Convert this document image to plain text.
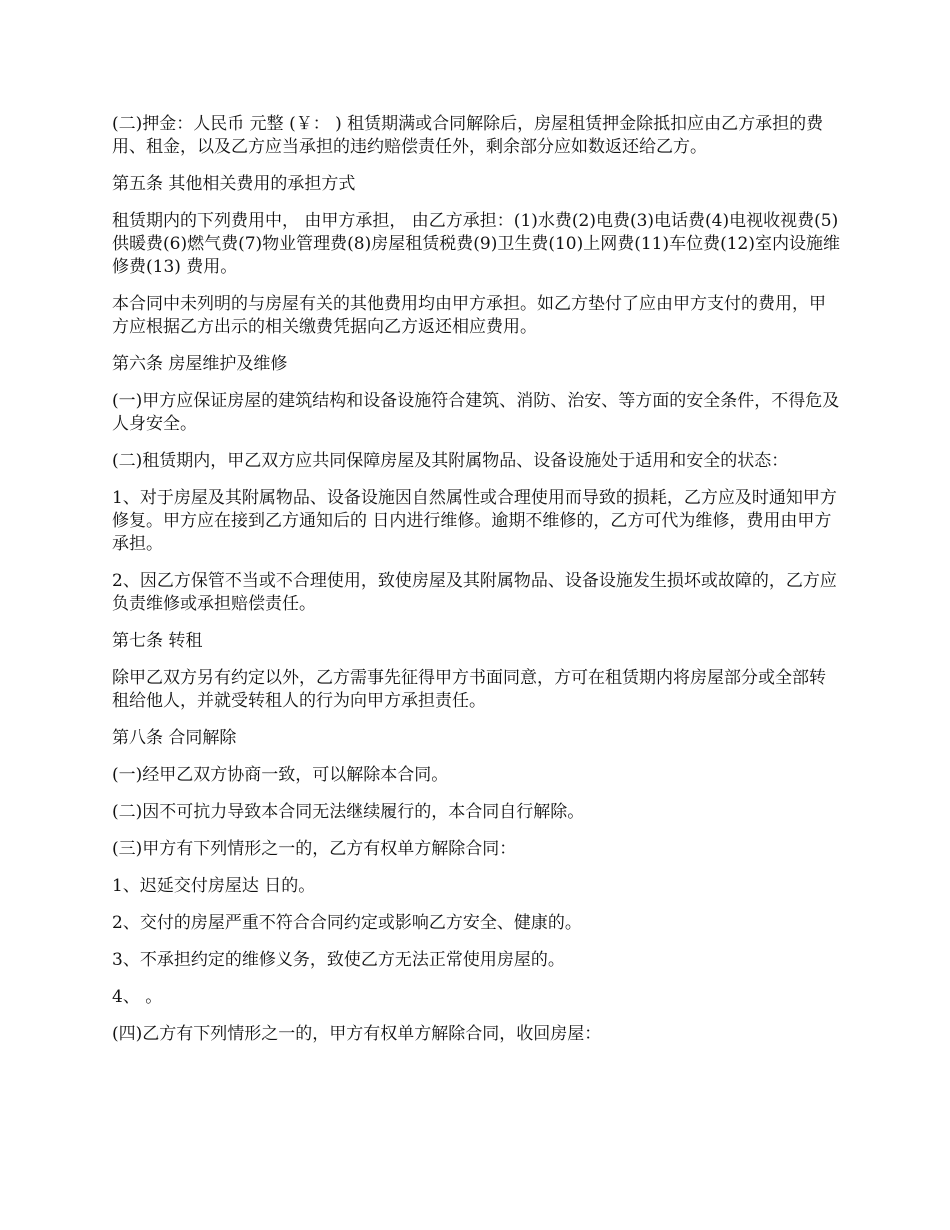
(二)押金：人民币 元整 (￥： ) 租赁期满或合同解除后，房屋租赁押金除抵扣应由乙方承担的费用、租金，以及乙方应当承担的违约赔偿责任外，剩余部分应如数返还给乙方。

第五条 其他相关费用的承担方式

租赁期内的下列费用中， 由甲方承担， 由乙方承担：(1)水费(2)电费(3)电话费(4)电视收视费(5)供暖费(6)燃气费(7)物业管理费(8)房屋租赁税费(9)卫生费(10)上网费(11)车位费(12)室内设施维修费(13) 费用。

本合同中未列明的与房屋有关的其他费用均由甲方承担。如乙方垫付了应由甲方支付的费用，甲方应根据乙方出示的相关缴费凭据向乙方返还相应费用。

第六条 房屋维护及维修

(一)甲方应保证房屋的建筑结构和设备设施符合建筑、消防、治安、等方面的安全条件，不得危及人身安全。

(二)租赁期内，甲乙双方应共同保障房屋及其附属物品、设备设施处于适用和安全的状态：

1、对于房屋及其附属物品、设备设施因自然属性或合理使用而导致的损耗，乙方应及时通知甲方修复。甲方应在接到乙方通知后的 日内进行维修。逾期不维修的，乙方可代为维修，费用由甲方承担。

2、因乙方保管不当或不合理使用，致使房屋及其附属物品、设备设施发生损坏或故障的，乙方应负责维修或承担赔偿责任。

第七条 转租

除甲乙双方另有约定以外，乙方需事先征得甲方书面同意，方可在租赁期内将房屋部分或全部转租给他人，并就受转租人的行为向甲方承担责任。

第八条 合同解除

(一)经甲乙双方协商一致，可以解除本合同。

(二)因不可抗力导致本合同无法继续履行的，本合同自行解除。

(三)甲方有下列情形之一的，乙方有权单方解除合同：

1、迟延交付房屋达 日的。

2、交付的房屋严重不符合合同约定或影响乙方安全、健康的。

3、不承担约定的维修义务，致使乙方无法正常使用房屋的。

4、 。

(四)乙方有下列情形之一的，甲方有权单方解除合同，收回房屋：
